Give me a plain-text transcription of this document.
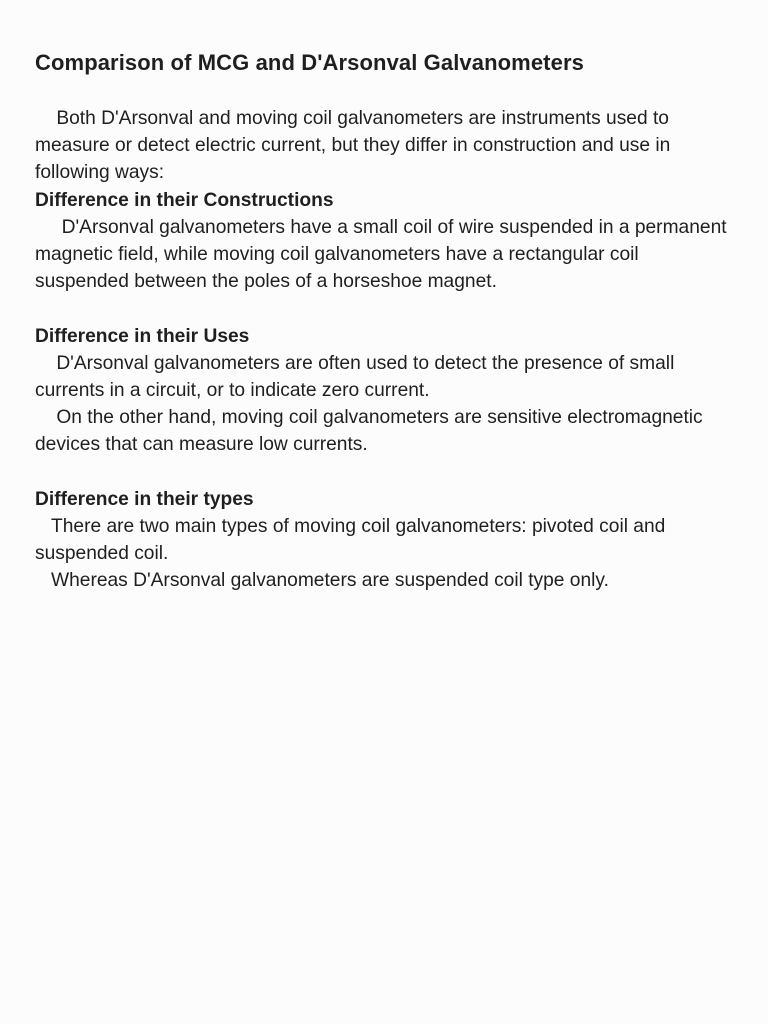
Comparison of MCG and D'Arsonval Galvanometers
Both D'Arsonval and moving coil galvanometers are instruments used to measure or detect electric current, but they differ in construction and use in following ways:
Difference in their Constructions
D'Arsonval galvanometers have a small coil of wire suspended in a permanent magnetic field, while moving coil galvanometers have a rectangular coil suspended between the poles of a horseshoe magnet.
Difference in their Uses
D'Arsonval galvanometers are often used to detect the presence of small currents in a circuit, or to indicate zero current.
On the other hand, moving coil galvanometers are sensitive electromagnetic devices that can measure low currents.
Difference in their types
There are two main types of moving coil galvanometers: pivoted coil and suspended coil.
Whereas D'Arsonval galvanometers are suspended coil type only.
